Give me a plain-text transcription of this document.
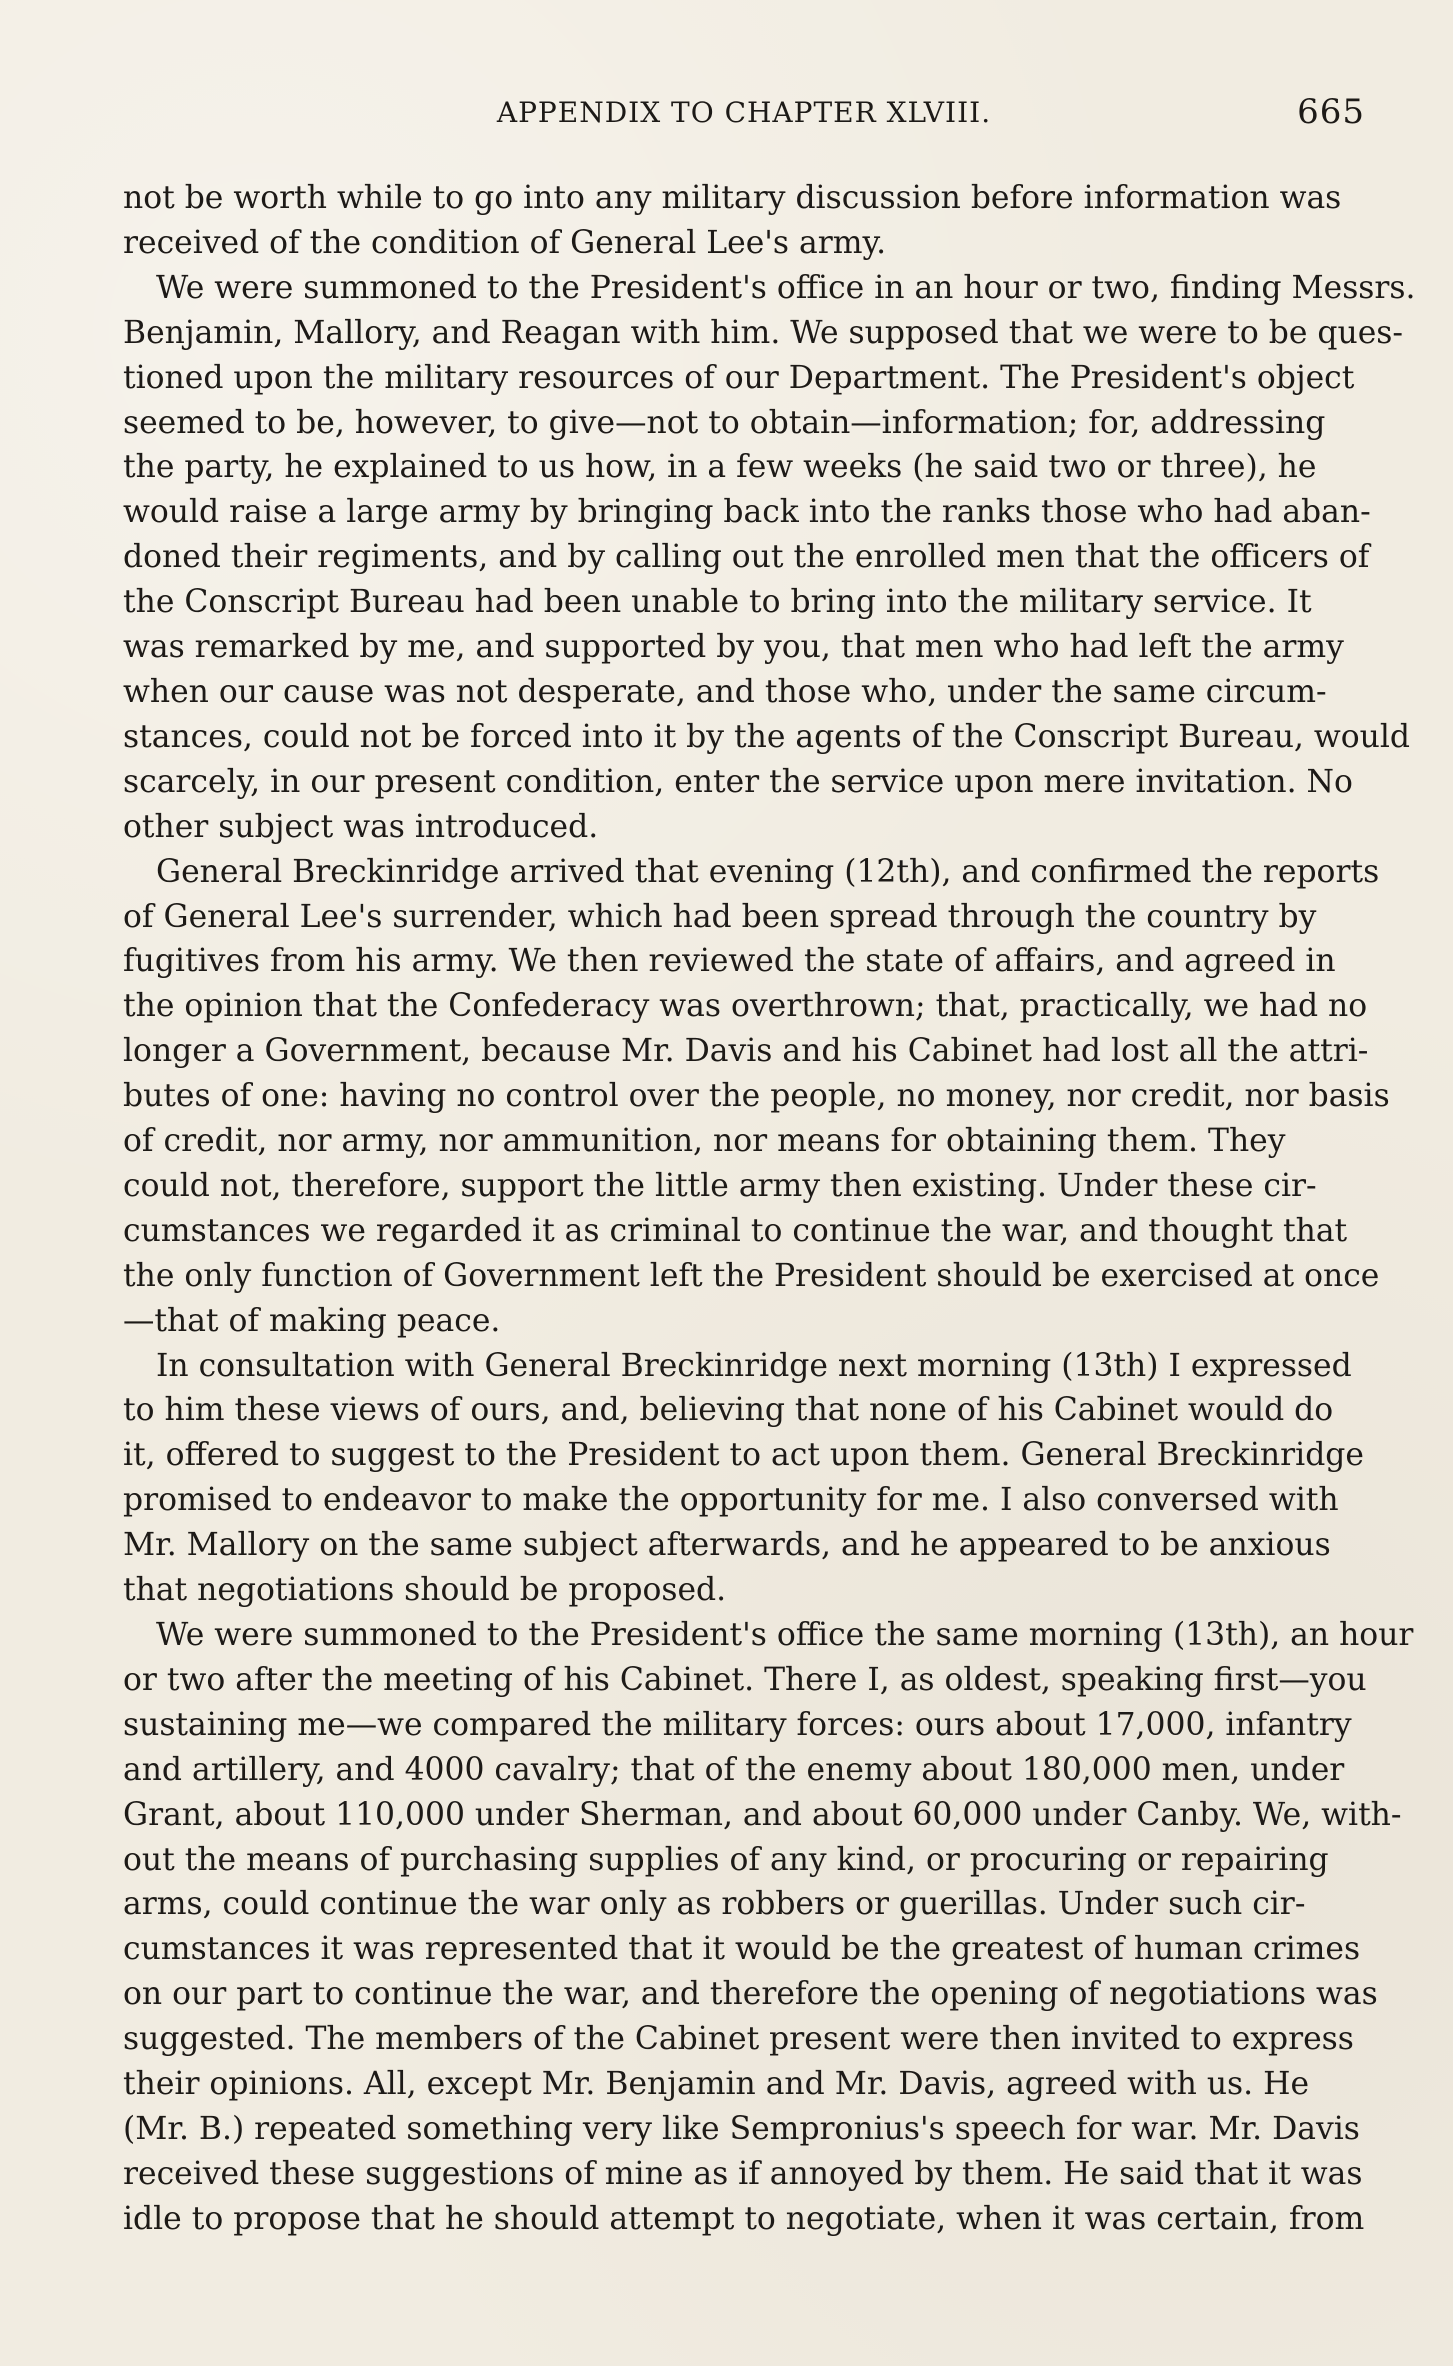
APPENDIX TO CHAPTER XLVIII.	665

not be worth while to go into any military discussion before information was
received of the condition of General Lee's army.

We were summoned to the President's office in an hour or two, finding Messrs.
Benjamin, Mallory, and Reagan with him. We supposed that we were to be ques-
tioned upon the military resources of our Department. The President's object
seemed to be, however, to give—not to obtain—information; for, addressing
the party, he explained to us how, in a few weeks (he said two or three), he
would raise a large army by bringing back into the ranks those who had aban-
doned their regiments, and by calling out the enrolled men that the officers of
the Conscript Bureau had been unable to bring into the military service. It
was remarked by me, and supported by you, that men who had left the army
when our cause was not desperate, and those who, under the same circum-
stances, could not be forced into it by the agents of the Conscript Bureau, would
scarcely, in our present condition, enter the service upon mere invitation. No
other subject was introduced.

General Breckinridge arrived that evening (12th), and confirmed the reports
of General Lee's surrender, which had been spread through the country by
fugitives from his army. We then reviewed the state of affairs, and agreed in
the opinion that the Confederacy was overthrown; that, practically, we had no
longer a Government, because Mr. Davis and his Cabinet had lost all the attri-
butes of one: having no control over the people, no money, nor credit, nor basis
of credit, nor army, nor ammunition, nor means for obtaining them. They
could not, therefore, support the little army then existing. Under these cir-
cumstances we regarded it as criminal to continue the war, and thought that
the only function of Government left the President should be exercised at once
—that of making peace.

In consultation with General Breckinridge next morning (13th) I expressed
to him these views of ours, and, believing that none of his Cabinet would do
it, offered to suggest to the President to act upon them. General Breckinridge
promised to endeavor to make the opportunity for me. I also conversed with
Mr. Mallory on the same subject afterwards, and he appeared to be anxious
that negotiations should be proposed.

We were summoned to the President's office the same morning (13th), an hour
or two after the meeting of his Cabinet. There I, as oldest, speaking first—you
sustaining me—we compared the military forces: ours about 17,000, infantry
and artillery, and 4000 cavalry; that of the enemy about 180,000 men, under
Grant, about 110,000 under Sherman, and about 60,000 under Canby. We, with-
out the means of purchasing supplies of any kind, or procuring or repairing
arms, could continue the war only as robbers or guerillas. Under such cir-
cumstances it was represented that it would be the greatest of human crimes
on our part to continue the war, and therefore the opening of negotiations was
suggested. The members of the Cabinet present were then invited to express
their opinions. All, except Mr. Benjamin and Mr. Davis, agreed with us. He
(Mr. B.) repeated something very like Sempronius's speech for war. Mr. Davis
received these suggestions of mine as if annoyed by them. He said that it was
idle to propose that he should attempt to negotiate, when it was certain, from
